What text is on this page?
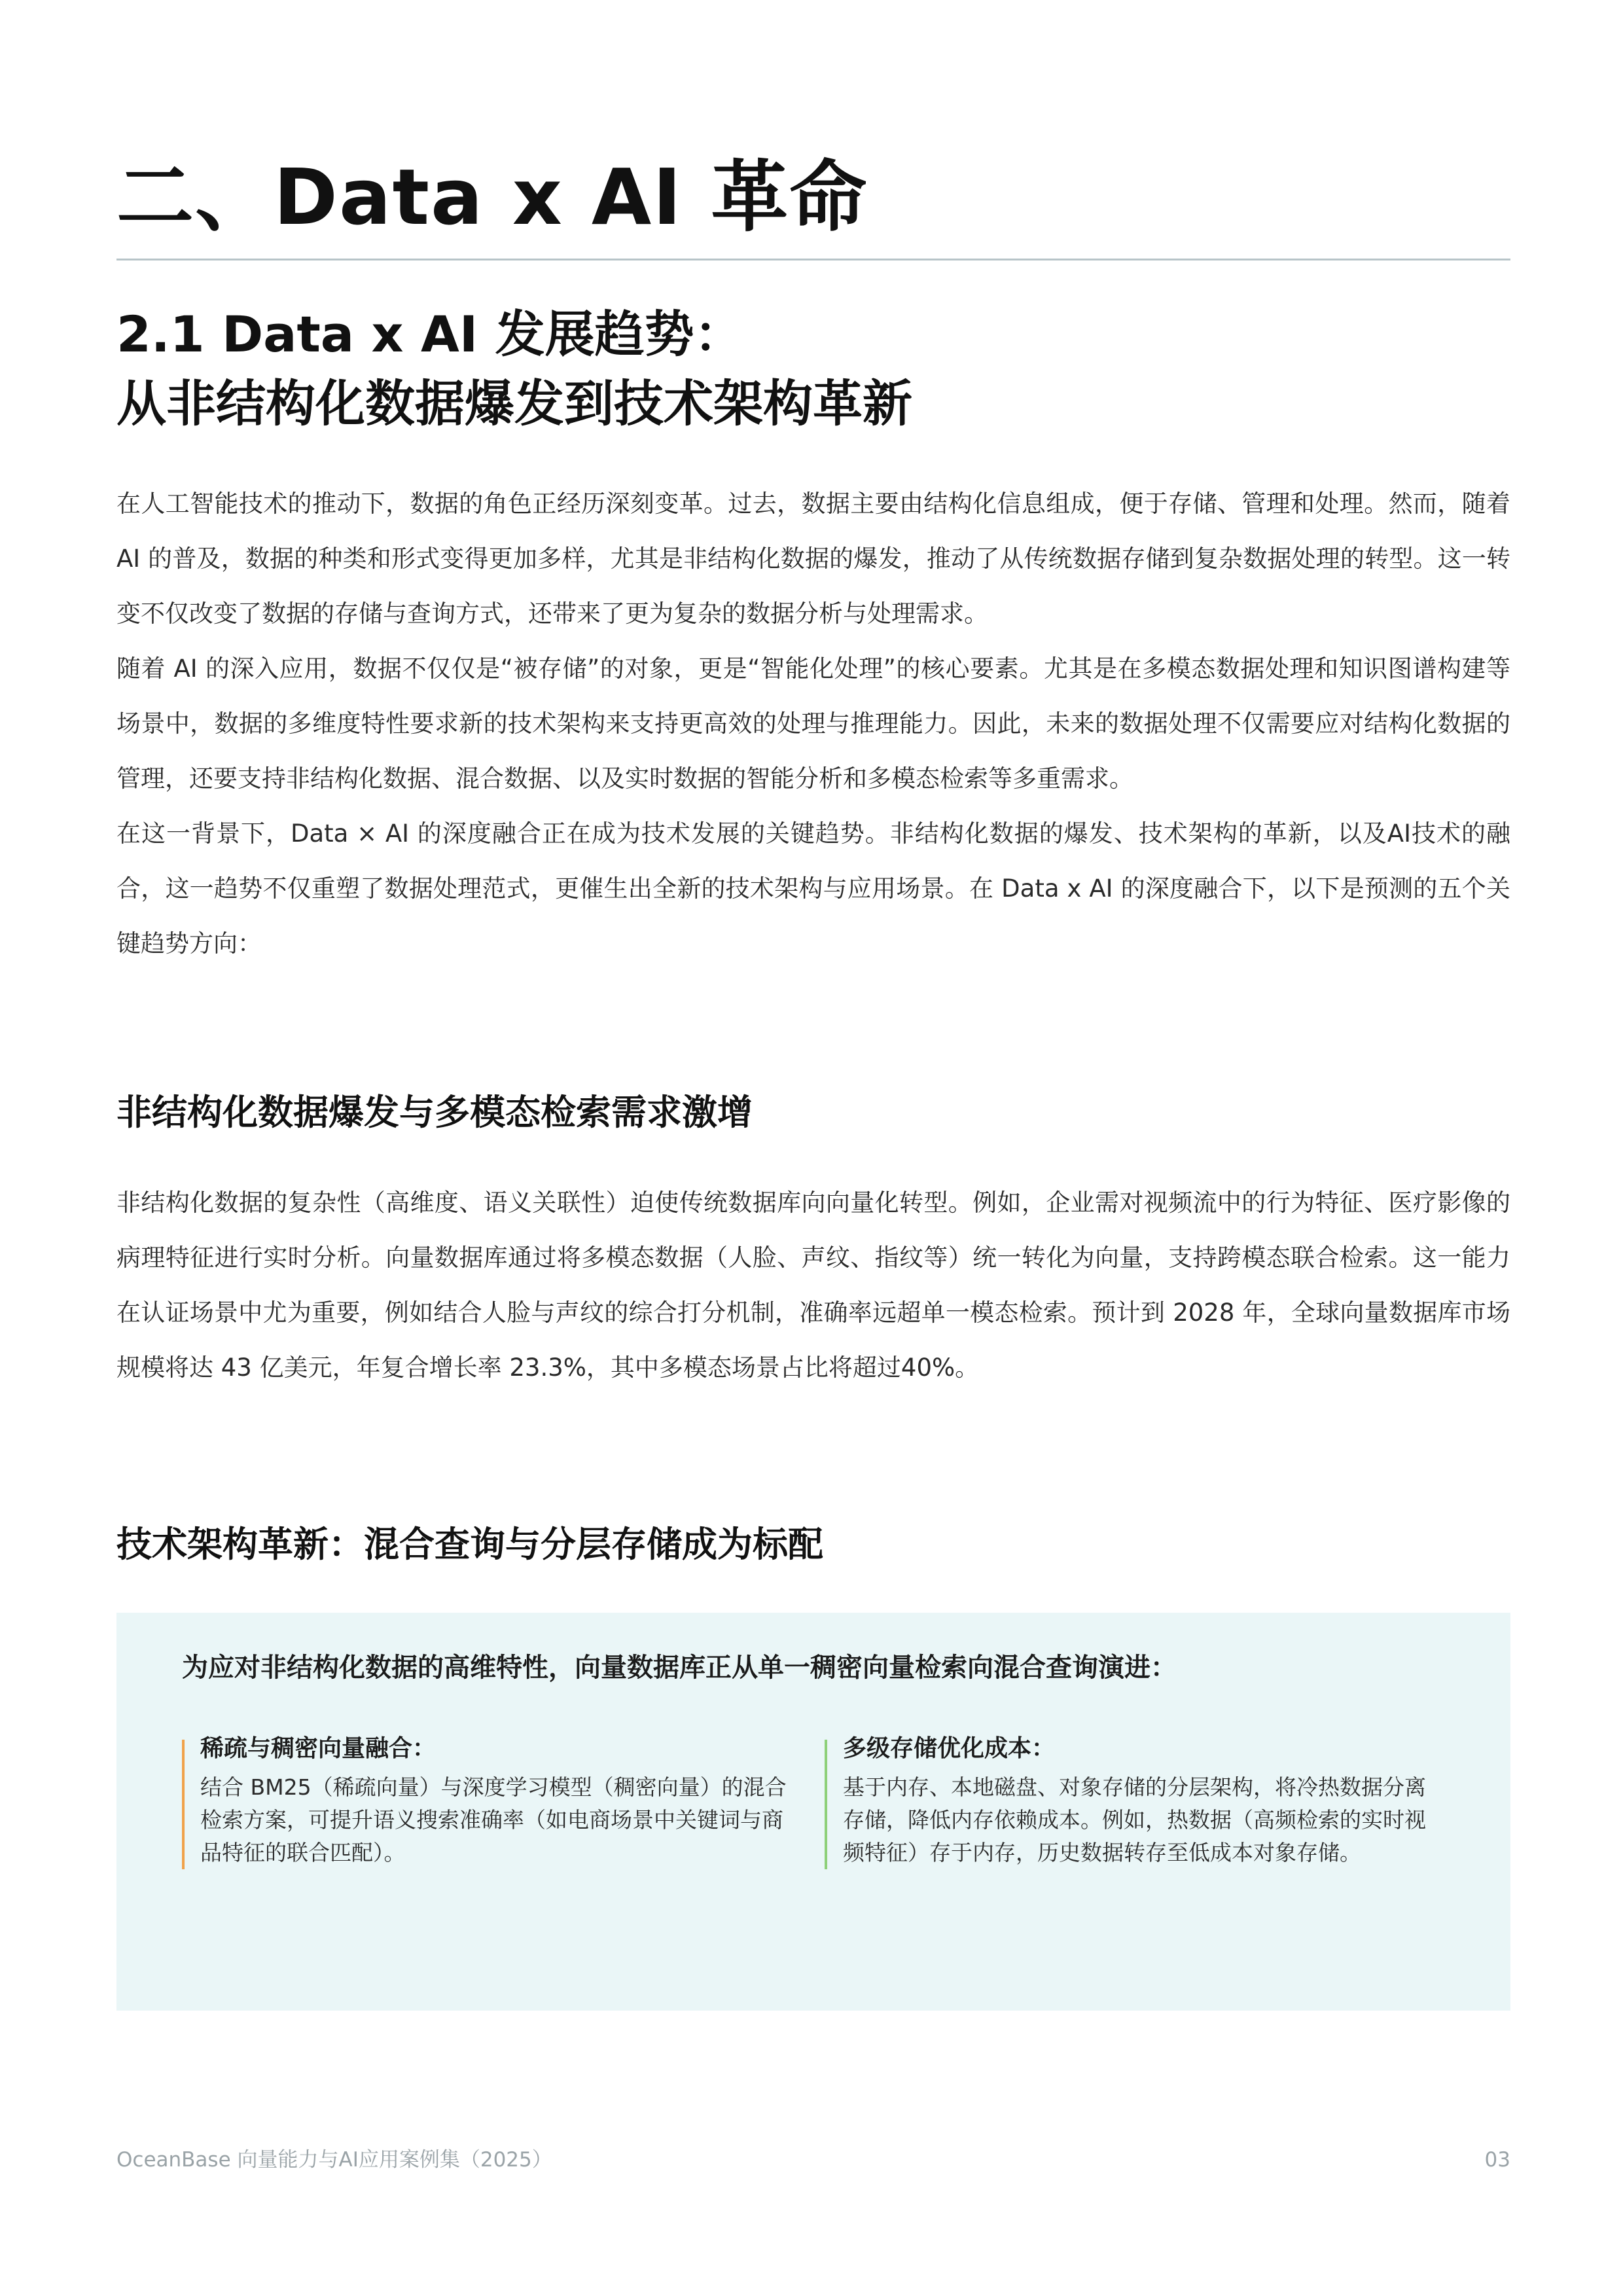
二、Data x AI 革命
2.1 Data x AI 发展趋势：
从非结构化数据爆发到技术架构革新

在人工智能技术的推动下，数据的角色正经历深刻变革。过去，数据主要由结构化信息组成，便于存储、管理和处理。然而，随着 AI 的普及，数据的种类和形式变得更加多样，尤其是非结构化数据的爆发，推动了从传统数据存储到复杂数据处理的转型。这一转变不仅改变了数据的存储与查询方式，还带来了更为复杂的数据分析与处理需求。

随着 AI 的深入应用，数据不仅仅是“被存储”的对象，更是“智能化处理”的核心要素。尤其是在多模态数据处理和知识图谱构建等场景中，数据的多维度特性要求新的技术架构来支持更高效的处理与推理能力。因此，未来的数据处理不仅需要应对结构化数据的管理，还要支持非结构化数据、混合数据、以及实时数据的智能分析和多模态检索等多重需求。

在这一背景下，Data × AI 的深度融合正在成为技术发展的关键趋势。非结构化数据的爆发、技术架构的革新，以及AI技术的融合，这一趋势不仅重塑了数据处理范式，更催生出全新的技术架构与应用场景。在 Data x AI 的深度融合下，以下是预测的五个关键趋势方向：

非结构化数据爆发与多模态检索需求激增

非结构化数据的复杂性（高维度、语义关联性）迫使传统数据库向向量化转型。例如，企业需对视频流中的行为特征、医疗影像的病理特征进行实时分析。向量数据库通过将多模态数据（人脸、声纹、指纹等）统一转化为向量，支持跨模态联合检索。这一能力在认证场景中尤为重要，例如结合人脸与声纹的综合打分机制，准确率远超单一模态检索。预计到 2028 年，全球向量数据库市场规模将达 43 亿美元，年复合增长率 23.3%，其中多模态场景占比将超过40%。

技术架构革新：混合查询与分层存储成为标配
为应对非结构化数据的高维特性，向量数据库正从单一稠密向量检索向混合查询演进：
稀疏与稠密向量融合：
结合 BM25（稀疏向量）与深度学习模型（稠密向量）的混合检索方案，可提升语义搜索准确率（如电商场景中关键词与商品特征的联合匹配）。
多级存储优化成本：
基于内存、本地磁盘、对象存储的分层架构，将冷热数据分离存储，降低内存依赖成本。例如，热数据（高频检索的实时视频特征）存于内存，历史数据转存至低成本对象存储。
OceanBase 向量能力与AI应用案例集（2025）	03
